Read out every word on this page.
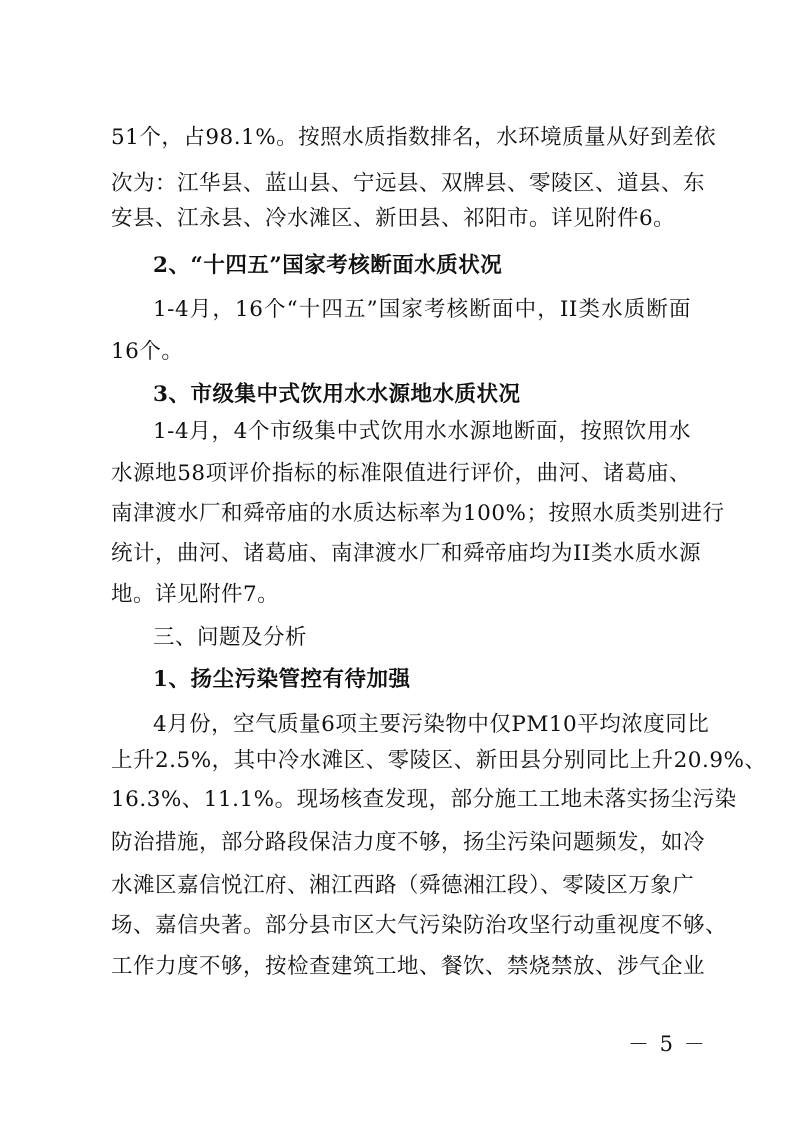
51个，占98.1%。按照水质指数排名，水环境质量从好到差依
次为：江华县、蓝山县、宁远县、双牌县、零陵区、道县、东
安县、江永县、冷水滩区、新田县、祁阳市。详见附件6。
2、“十四五”国家考核断面水质状况
1-4月，16个“十四五”国家考核断面中，II类水质断面
16个。
3、市级集中式饮用水水源地水质状况
1-4月，4个市级集中式饮用水水源地断面，按照饮用水
水源地58项评价指标的标准限值进行评价，曲河、诸葛庙、
南津渡水厂和舜帝庙的水质达标率为100%；按照水质类别进行
统计，曲河、诸葛庙、南津渡水厂和舜帝庙均为II类水质水源
地。详见附件7。
三、问题及分析
1、扬尘污染管控有待加强
4月份，空气质量6项主要污染物中仅PM10平均浓度同比
上升2.5%，其中冷水滩区、零陵区、新田县分别同比上升20.9%、
16.3%、11.1%。现场核查发现，部分施工工地未落实扬尘污染
防治措施，部分路段保洁力度不够，扬尘污染问题频发，如冷
水滩区嘉信悦江府、湘江西路（舜德湘江段）、零陵区万象广
场、嘉信央著。部分县市区大气污染防治攻坚行动重视度不够、
工作力度不够，按检查建筑工地、餐饮、禁烧禁放、涉气企业
－ 5 －
